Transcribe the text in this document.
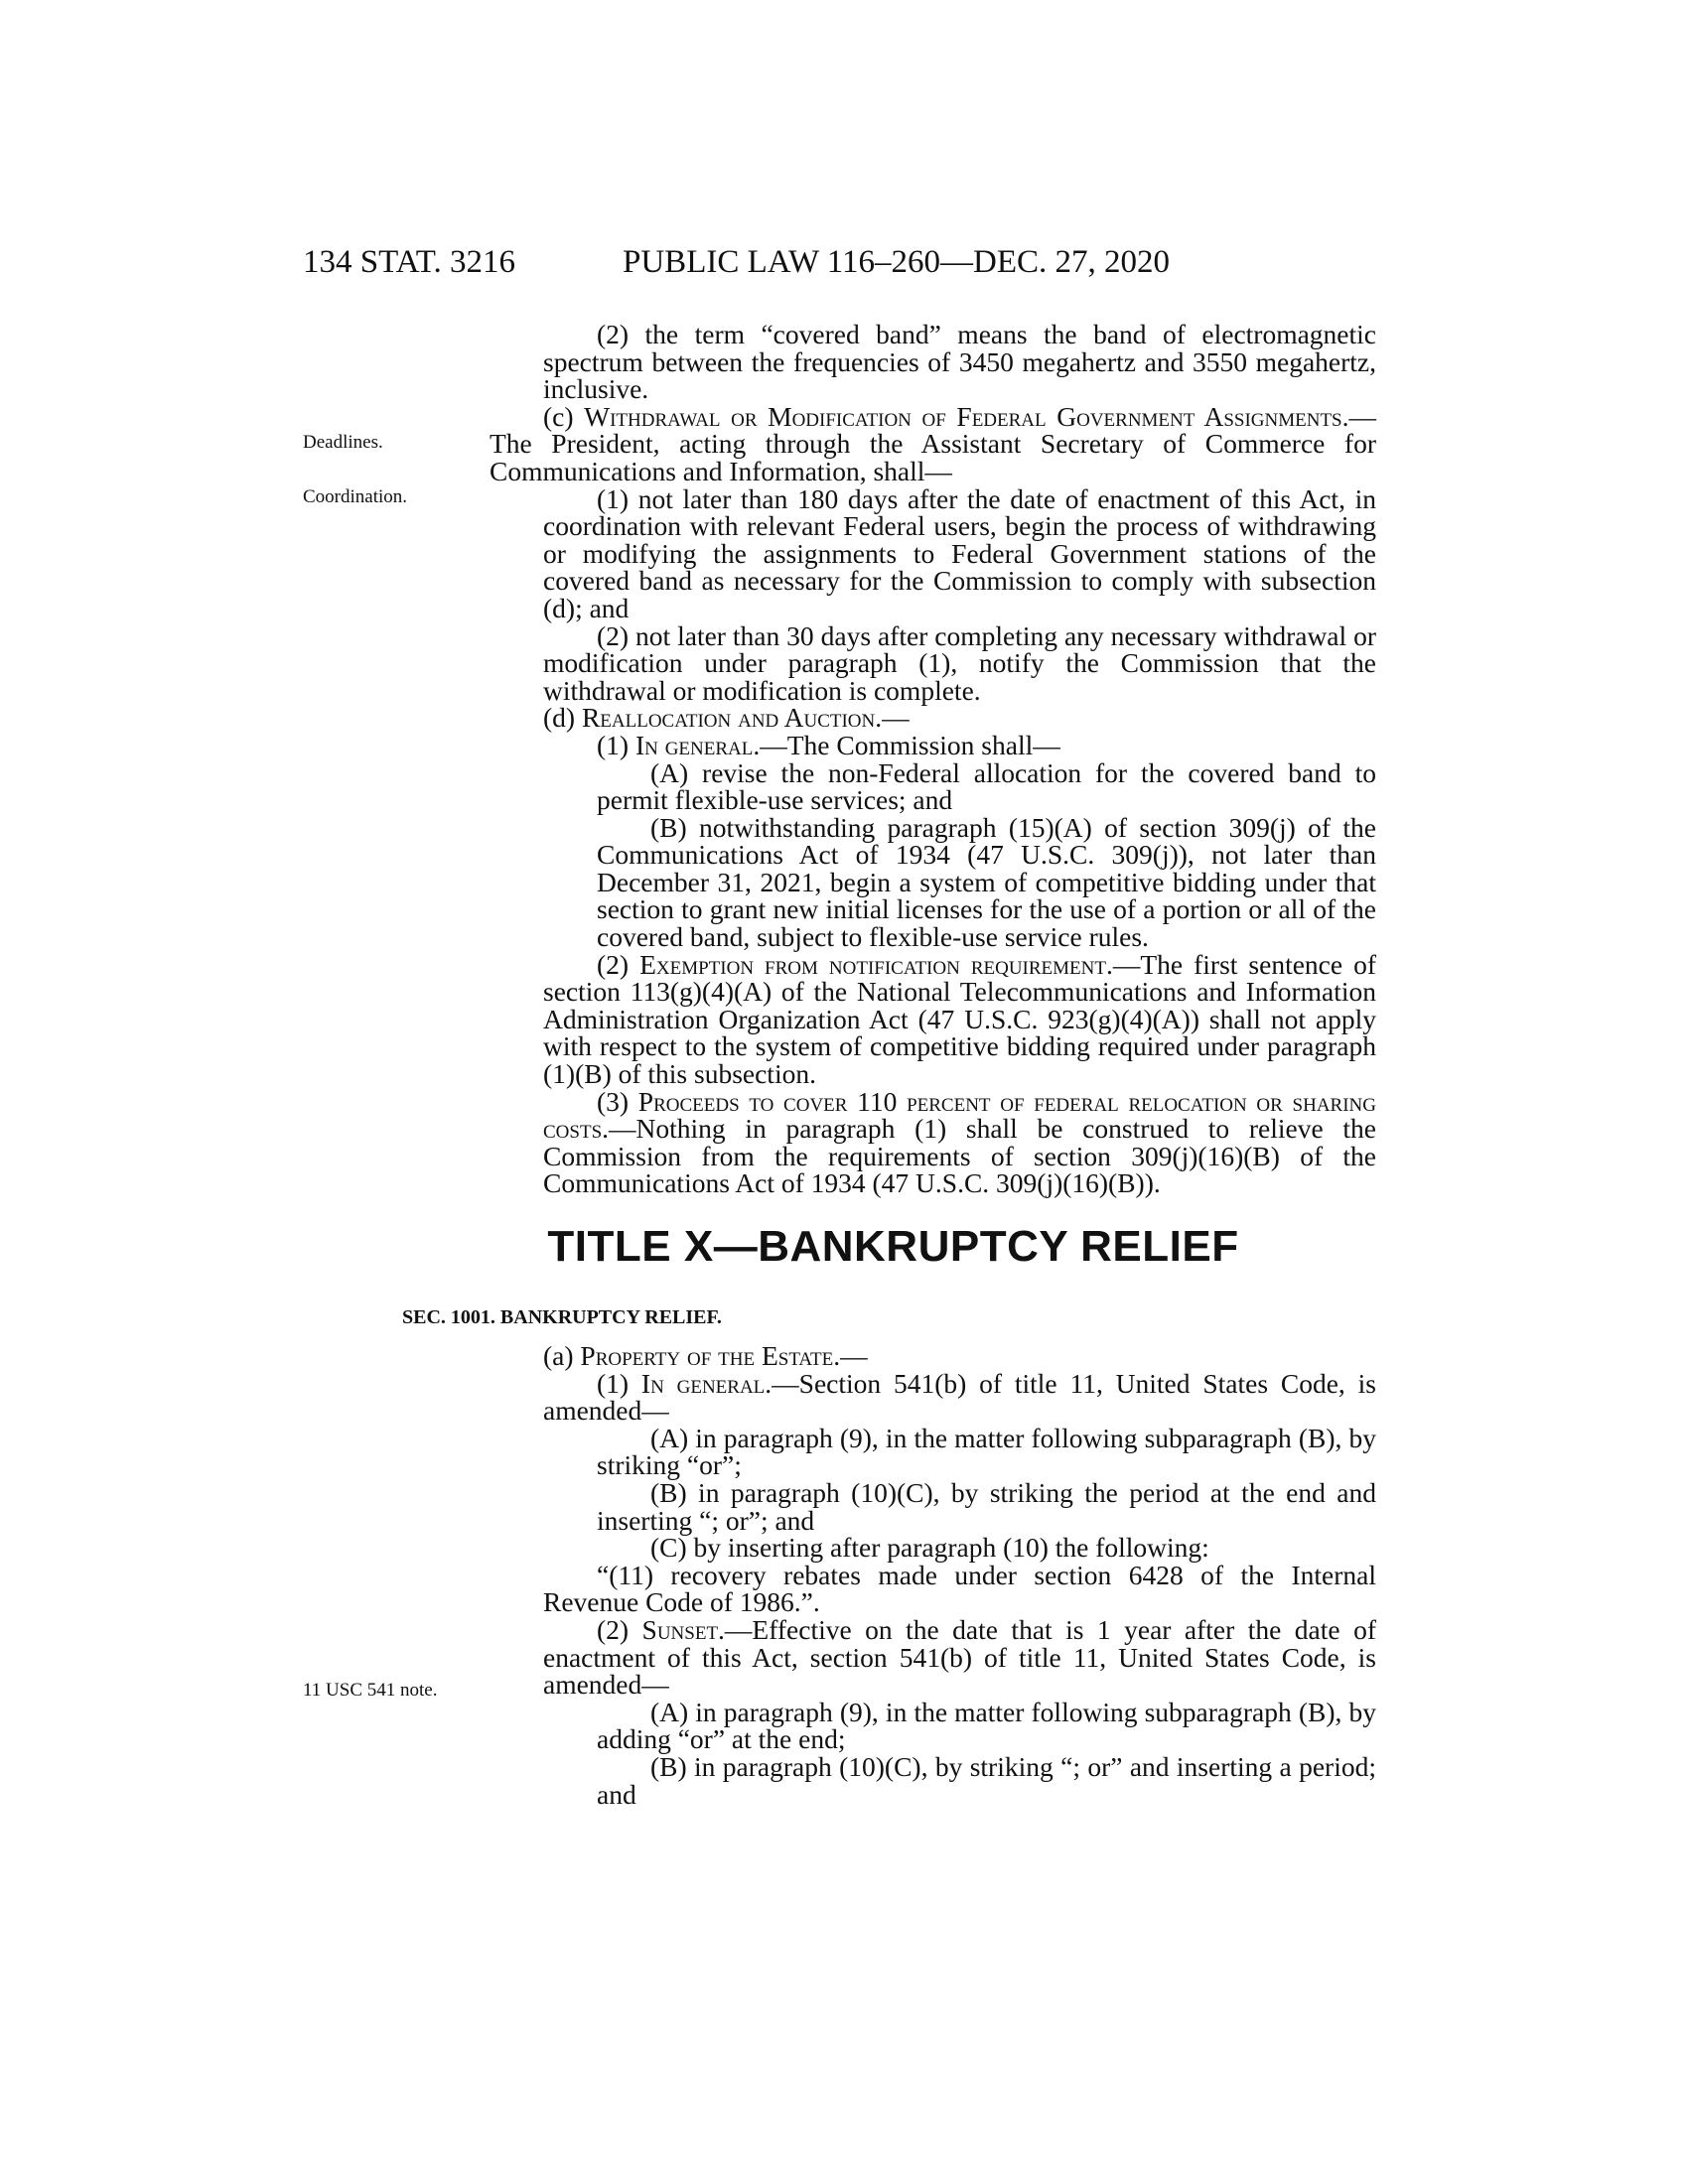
134 STAT. 3216	PUBLIC LAW 116–260—DEC. 27, 2020
Deadlines.
Coordination.
11 USC 541 note.

(2) the term “covered band” means the band of electromagnetic spectrum between the frequencies of 3450 megahertz and 3550 megahertz, inclusive.

(c) Withdrawal or Modification of Federal Government Assignments.—The President, acting through the Assistant Secretary of Commerce for Communications and Information, shall—

(1) not later than 180 days after the date of enactment of this Act, in coordination with relevant Federal users, begin the process of withdrawing or modifying the assignments to Federal Government stations of the covered band as necessary for the Commission to comply with subsection (d); and

(2) not later than 30 days after completing any necessary withdrawal or modification under paragraph (1), notify the Commission that the withdrawal or modification is complete.

(d) Reallocation and Auction.—

(1) In general.—The Commission shall—

(A) revise the non-Federal allocation for the covered band to permit flexible-use services; and

(B) notwithstanding paragraph (15)(A) of section 309(j) of the Communications Act of 1934 (47 U.S.C. 309(j)), not later than December 31, 2021, begin a system of competitive bidding under that section to grant new initial licenses for the use of a portion or all of the covered band, subject to flexible-use service rules.

(2) Exemption from notification requirement.—The first sentence of section 113(g)(4)(A) of the National Telecommunications and Information Administration Organization Act (47 U.S.C. 923(g)(4)(A)) shall not apply with respect to the system of competitive bidding required under paragraph (1)(B) of this subsection.

(3) Proceeds to cover 110 percent of federal relocation or sharing costs.—Nothing in paragraph (1) shall be construed to relieve the Commission from the requirements of section 309(j)(16)(B) of the Communications Act of 1934 (47 U.S.C. 309(j)(16)(B)).

TITLE X—BANKRUPTCY RELIEF
SEC. 1001. BANKRUPTCY RELIEF.

(a) Property of the Estate.—

(1) In general.—Section 541(b) of title 11, United States Code, is amended—

(A) in paragraph (9), in the matter following subparagraph (B), by striking “or”;

(B) in paragraph (10)(C), by striking the period at the end and inserting “; or”; and

(C) by inserting after paragraph (10) the following:

“(11) recovery rebates made under section 6428 of the Internal Revenue Code of 1986.”.

(2) Sunset.—Effective on the date that is 1 year after the date of enactment of this Act, section 541(b) of title 11, United States Code, is amended—

(A) in paragraph (9), in the matter following subparagraph (B), by adding “or” at the end;

(B) in paragraph (10)(C), by striking “; or” and inserting a period; and
